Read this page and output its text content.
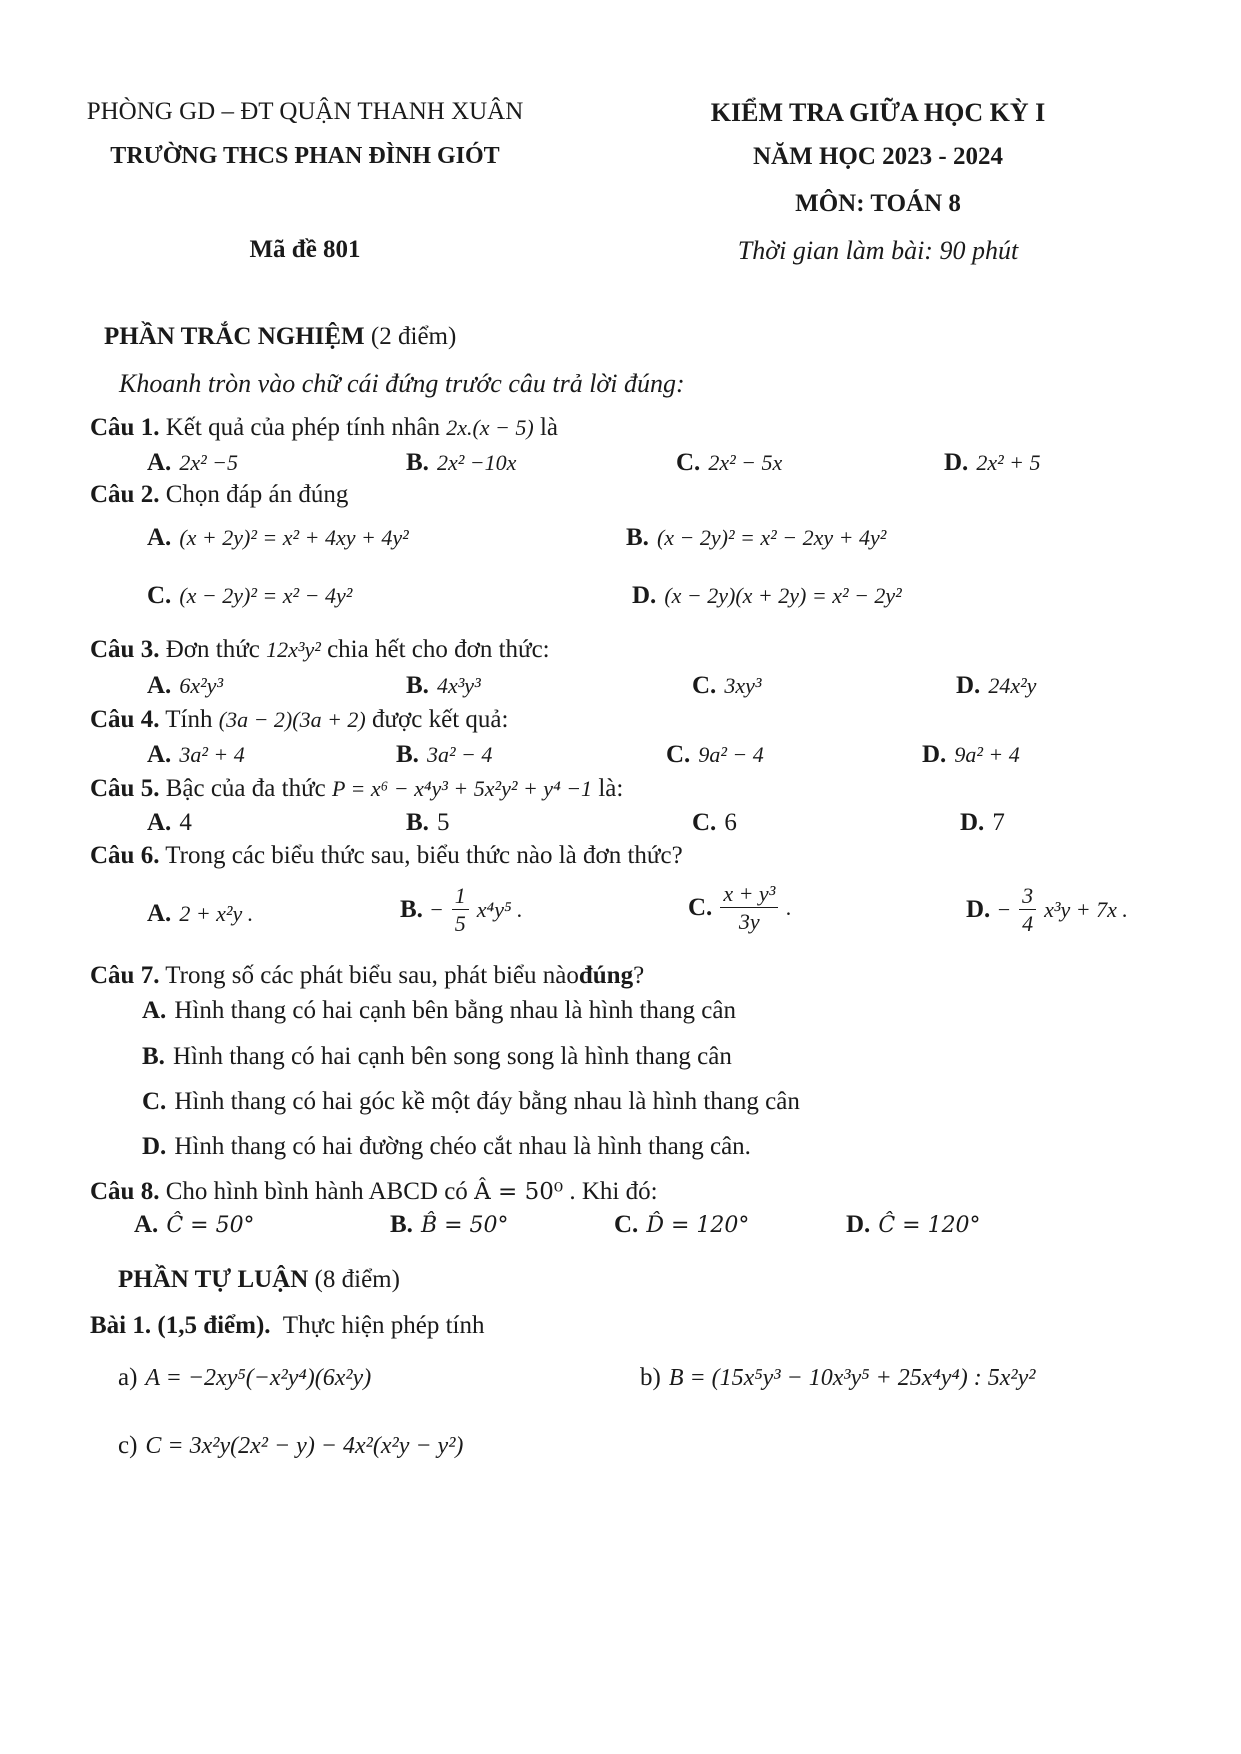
PHÒNG GD – ĐT QUẬN THANH XUÂN
TRƯỜNG THCS PHAN ĐÌNH GIÓT
KIỂM TRA GIỮA HỌC KỲ I
NĂM HỌC 2023 - 2024
MÔN: TOÁN 8
Mã đề 801	Thời gian làm bài: 90 phút
PHẦN TRẮC NGHIỆM (2 điểm)
Khoanh tròn vào chữ cái đứng trước câu trả lời đúng:
Câu 1. Kết quả của phép tính nhân 2x.(x − 5) là
A. 2x² −5	B. 2x² −10x	C. 2x² − 5x	D. 2x² + 5
Câu 2. Chọn đáp án đúng
A. (x + 2y)² = x² + 4xy + 4y²	B. (x − 2y)² = x² − 2xy + 4y²
C. (x − 2y)² = x² − 4y²	D. (x − 2y)(x + 2y) = x² − 2y²
Câu 3. Đơn thức 12x³y² chia hết cho đơn thức:
A. 6x²y³	B. 4x³y³	C. 3xy³	D. 24x²y
Câu 4. Tính (3a − 2)(3a + 2) được kết quả:
A. 3a² + 4	B. 3a² − 4	C. 9a² − 4	D. 9a² + 4
Câu 5. Bậc của đa thức P = x⁶ − x⁴y³ + 5x²y² + y⁴ −1 là:
A. 4	B. 5	C. 6	D. 7
Câu 6. Trong các biểu thức sau, biểu thức nào là đơn thức?
A. 2 + x²y .	B. − $\frac{1}{5} x^4y^5$ .	C. $\frac{\text{x + y³}}{3y}$ .	D. − $\frac{3}{4} x^3y + 7x$ .
Câu 7. Trong số các phát biểu sau, phát biểu nàođúng?
A. Hình thang có hai cạnh bên bằng nhau là hình thang cân
B. Hình thang có hai cạnh bên song song là hình thang cân
C. Hình thang có hai góc kề một đáy bằng nhau là hình thang cân
D. Hình thang có hai đường chéo cắt nhau là hình thang cân.
Câu 8. Cho hình bình hành ABCD có Â = 50⁰ . Khi đó:
A. Ĉ = 50°	B. B̂ = 50°	C. D̂ = 120°	D. Ĉ = 120°
PHẦN TỰ LUẬN (8 điểm)
Bài 1. (1,5 điểm). Thực hiện phép tính
a) A = −2xy⁵(−x²y⁴)(6x²y)	b) B = (15x⁵y³ − 10x³y⁵ + 25x⁴y⁴) : 5x²y²
c) C = 3x²y(2x² − y) − 4x²(x²y − y²)
